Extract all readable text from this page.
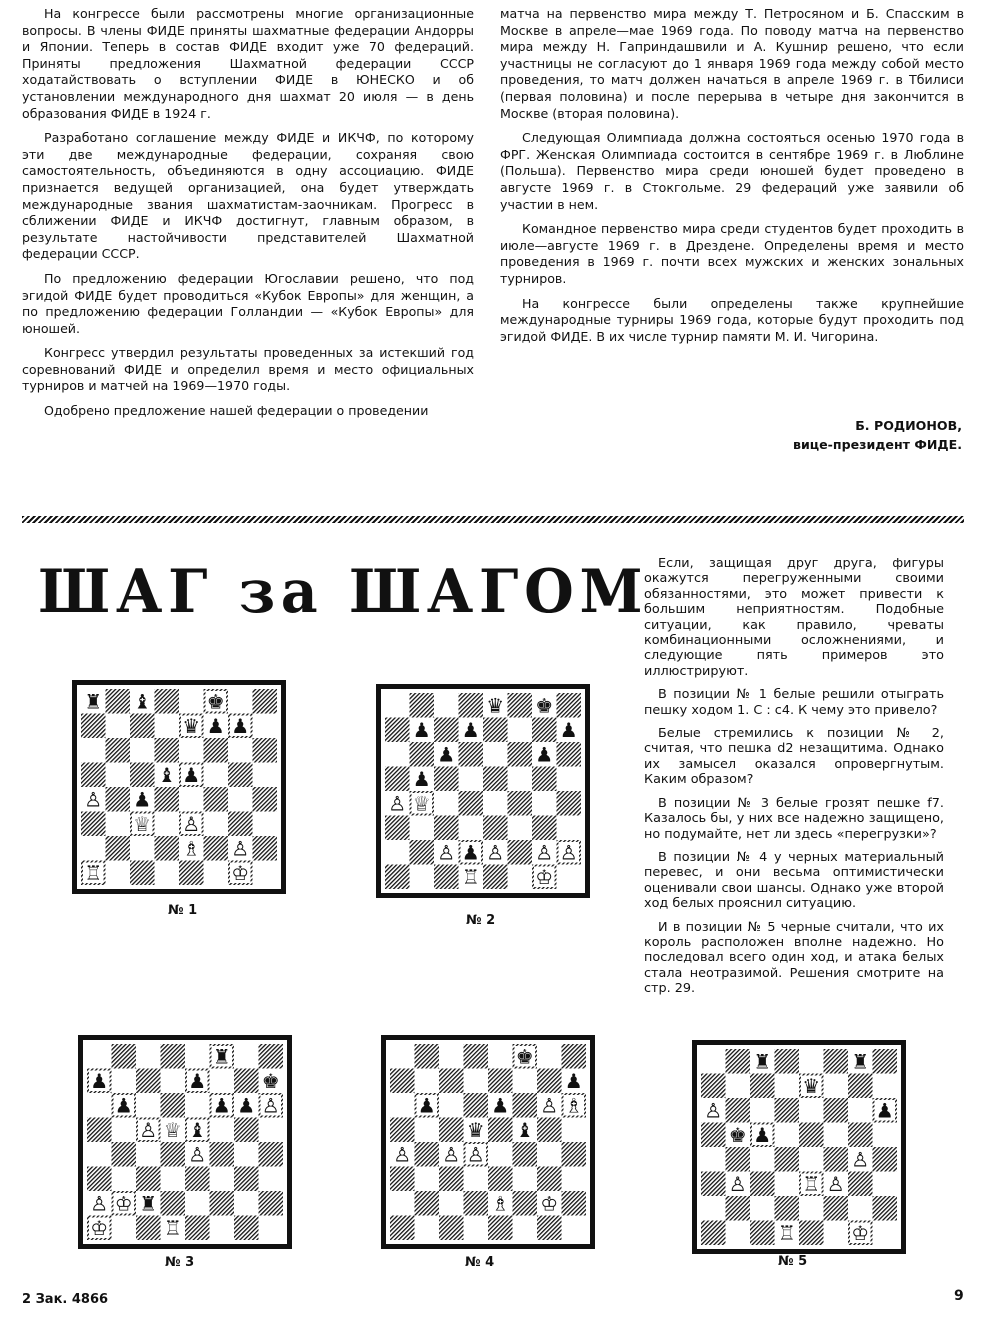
На конгрессе были рассмотрены многие организационные вопросы. В члены ФИДЕ приняты шахматные федерации Андорры и Японии. Теперь в состав ФИДЕ входит уже 70 федераций. Приняты предложения Шахматной федерации СССР ходатайствовать о вступлении ФИДЕ в ЮНЕСКО и об установлении международного дня шахмат 20 июля — в день образования ФИДЕ в 1924 г.

Разработано соглашение между ФИДЕ и ИКЧФ, по которому эти две международные федерации, сохраняя свою самостоятельность, объединяются в одну ассоциацию. ФИДЕ признается ведущей организацией, она будет утверждать международные звания шахматистам-заочникам. Прогресс в сближении ФИДЕ и ИКЧФ достигнут, главным образом, в результате настойчивости представителей Шахматной федерации СССР.

По предложению федерации Югославии решено, что под эгидой ФИДЕ будет проводиться «Кубок Европы» для женщин, а по предложению федерации Голландии — «Кубок Европы» для юношей.

Конгресс утвердил результаты проведенных за истекший год соревнований ФИДЕ и определил время и место официальных турниров и матчей на 1969—1970 годы.

Одобрено предложение нашей федерации о проведении

матча на первенство мира между Т. Петросяном и Б. Спасским в Москве в апреле—мае 1969 года. По поводу матча на первенство мира между Н. Гаприндашвили и А. Кушнир решено, что если участницы не согласуют до 1 января 1969 года между собой место проведения, то матч должен начаться в апреле 1969 г. в Тбилиси (первая половина) и после перерыва в четыре дня закончится в Москве (вторая половина).

Следующая Олимпиада должна состояться осенью 1970 года в ФРГ. Женская Олимпиада состоится в сентябре 1969 г. в Люблине (Польша). Первенство мира среди юношей будет проведено в августе 1969 г. в Стокгольме. 29 федераций уже заявили об участии в нем.

Командное первенство мира среди студентов будет проходить в июле—августе 1969 г. в Дрездене. Определены время и место проведения в 1969 г. почти всех мужских и женских зональных турниров.

На конгрессе были определены также крупнейшие международные турниры 1969 года, которые будут проходить под эгидой ФИДЕ. В их числе турнир памяти М. И. Чигорина.

Б. РОДИОНОВ,
вице-президент ФИДЕ.
ШАГ за ШАГОМ Если, защищая друг друга, фигуры окажутся перегруженными своими обязанностями, это может привести к большим неприятностям. Подобные ситуации, как правило, чреваты комбинационными осложнениями, и следующие пять примеров это иллюстрируют.

В позиции № 1 белые решили отыграть пешку ходом 1. С : c4. К чему это привело?

Белые стремились к позиции № 2, считая, что пешка d2 незащитима. Однако их замысел оказался опровергнутым. Каким образом?

В позиции № 3 белые грозят пешке f7. Казалось бы, у них все надежно защищено, но подумайте, нет ли здесь «перегрузки»?

В позиции № 4 у черных материальный перевес, и они весьма оптимистически оценивали свои шансы. Однако уже второй ход белых прояснил ситуацию.

И в позиции № 5 черные считали, что их король расположен вполне надежно. Но последовал всего один ход, и атака белых стала неотразимой. Решения смотрите на стр. 29.

♜ ♝	♚
♛ ♟ ♟
♝ ♟
♙ ♟
♕ ♙
♗ ♙
♖	♔
№ 1
♛ ♚
♟ ♟	♟
♟	♟
♟
♙ ♕
♙ ♟ ♙ ♙ ♙
♖	♔
№ 2
♜
♟	♟	♚
♟	♟ ♟ ♙
♙ ♕ ♝
♙
♙ ♔ ♜
♔	♖
№ 3
♚
♟
♟	♟ ♙ ♗
♛ ♝
♙ ♙ ♙
♗ ♔
№ 4
♜	♜
♛
♙	♟
♚ ♟
♙
♙	♖ ♙
♖	♔
№ 5
2 Зак. 4866	9
